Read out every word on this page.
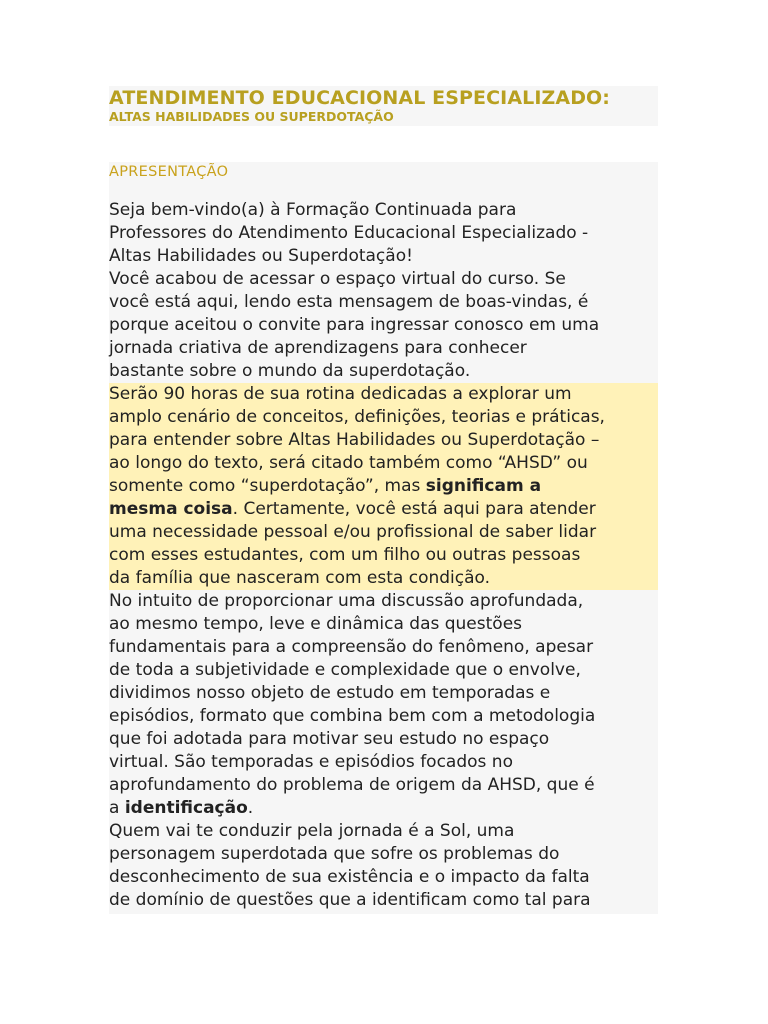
ATENDIMENTO EDUCACIONAL ESPECIALIZADO:
ALTAS HABILIDADES OU SUPERDOTAÇÃO
APRESENTAÇÃO
Seja bem-vindo(a) à Formação Continuada para
Professores do Atendimento Educacional Especializado -
Altas Habilidades ou Superdotação!
Você acabou de acessar o espaço virtual do curso. Se
você está aqui, lendo esta mensagem de boas-vindas, é
porque aceitou o convite para ingressar conosco em uma
jornada criativa de aprendizagens para conhecer
bastante sobre o mundo da superdotação.
Serão 90 horas de sua rotina dedicadas a explorar um
amplo cenário de conceitos, definições, teorias e práticas,
para entender sobre Altas Habilidades ou Superdotação –
ao longo do texto, será citado também como “AHSD” ou
somente como “superdotação”, mas significam a
mesma coisa. Certamente, você está aqui para atender
uma necessidade pessoal e/ou profissional de saber lidar
com esses estudantes, com um filho ou outras pessoas
da família que nasceram com esta condição.
No intuito de proporcionar uma discussão aprofundada,
ao mesmo tempo, leve e dinâmica das questões
fundamentais para a compreensão do fenômeno, apesar
de toda a subjetividade e complexidade que o envolve,
dividimos nosso objeto de estudo em temporadas e
episódios, formato que combina bem com a metodologia
que foi adotada para motivar seu estudo no espaço
virtual. São temporadas e episódios focados no
aprofundamento do problema de origem da AHSD, que é
a identificação.
Quem vai te conduzir pela jornada é a Sol, uma
personagem superdotada que sofre os problemas do
desconhecimento de sua existência e o impacto da falta
de domínio de questões que a identificam como tal para
